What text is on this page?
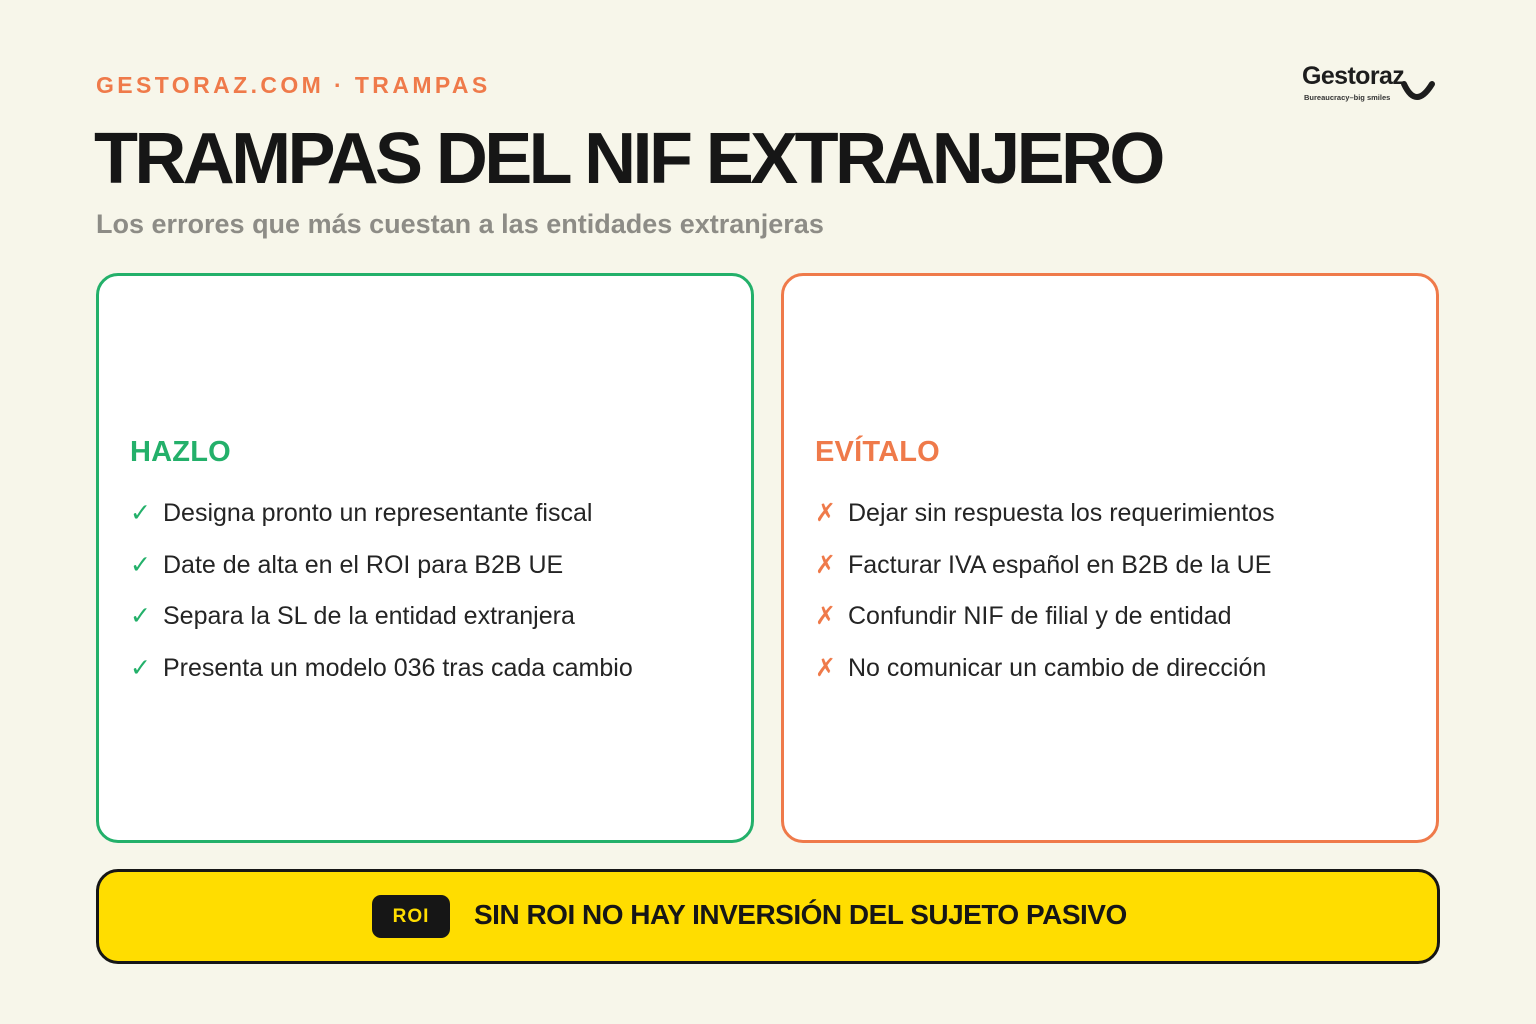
GESTORAZ.COM · TRAMPAS	Gestoraz
Bureaucracy–big smiles
TRAMPAS DEL NIF EXTRANJERO
Los errores que más cuestan a las entidades extranjeras
HAZLO
✓ Designa pronto un representante fiscal
✓ Date de alta en el ROI para B2B UE
✓ Separa la SL de la entidad extranjera
✓ Presenta un modelo 036 tras cada cambio
EVÍTALO
✗ Dejar sin respuesta los requerimientos
✗ Facturar IVA español en B2B de la UE
✗ Confundir NIF de filial y de entidad
✗ No comunicar un cambio de dirección
ROI	SIN ROI NO HAY INVERSIÓN DEL SUJETO PASIVO
